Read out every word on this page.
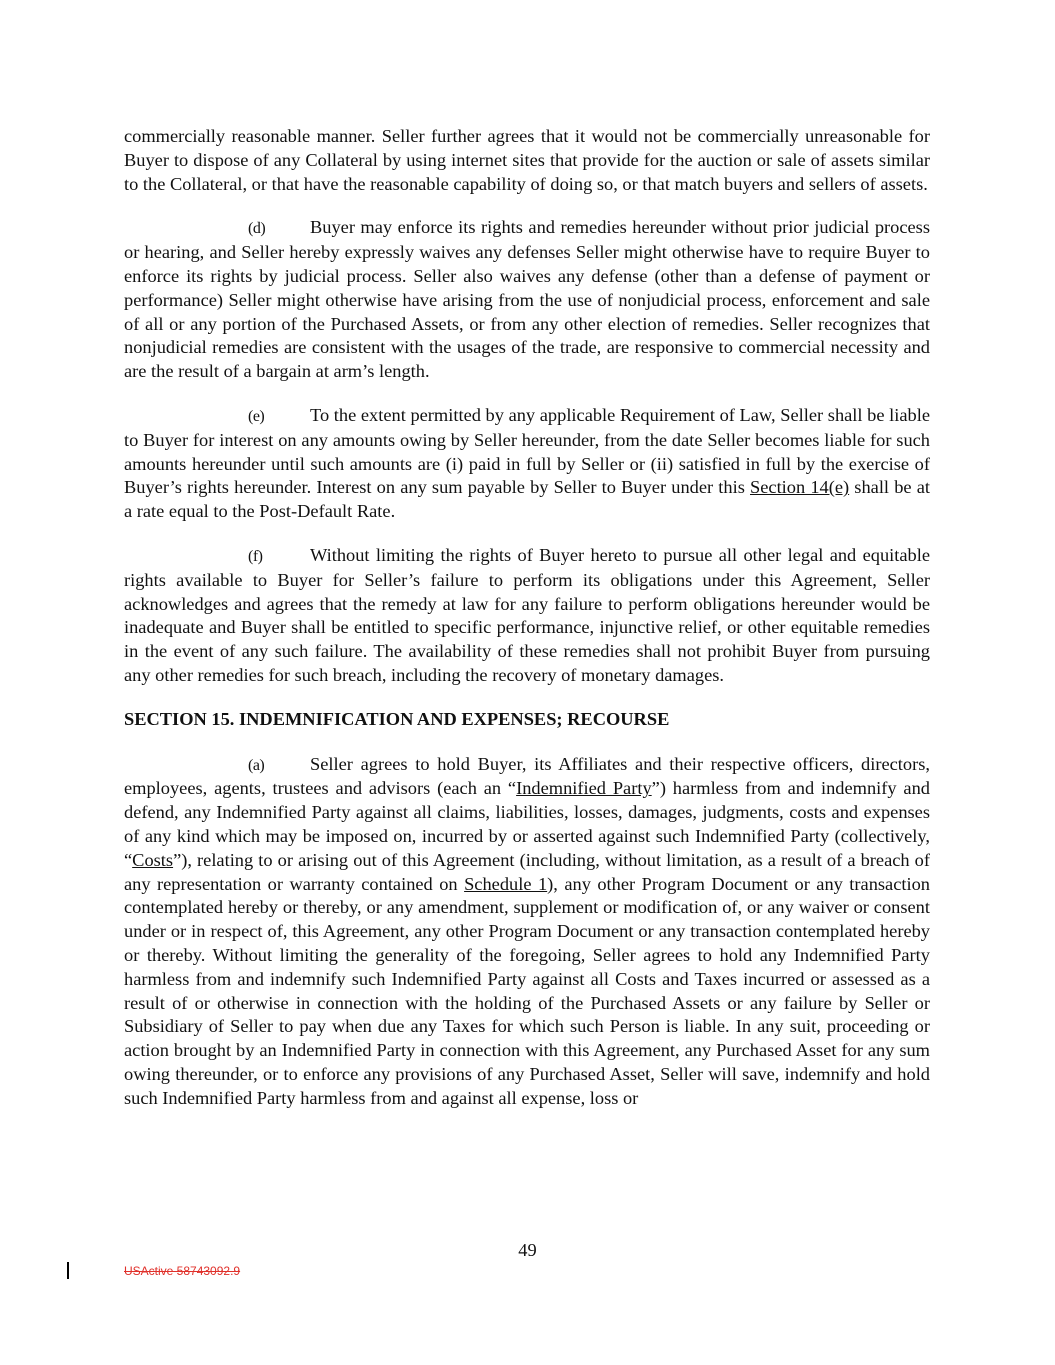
commercially reasonable manner. Seller further agrees that it would not be commercially unreasonable for Buyer to dispose of any Collateral by using internet sites that provide for the auction or sale of assets similar to the Collateral, or that have the reasonable capability of doing so, or that match buyers and sellers of assets.

(d) Buyer may enforce its rights and remedies hereunder without prior judicial process or hearing, and Seller hereby expressly waives any defenses Seller might otherwise have to require Buyer to enforce its rights by judicial process. Seller also waives any defense (other than a defense of payment or performance) Seller might otherwise have arising from the use of nonjudicial process, enforcement and sale of all or any portion of the Purchased Assets, or from any other election of remedies. Seller recognizes that nonjudicial remedies are consistent with the usages of the trade, are responsive to commercial necessity and are the result of a bargain at arm’s length.

(e) To the extent permitted by any applicable Requirement of Law, Seller shall be liable to Buyer for interest on any amounts owing by Seller hereunder, from the date Seller becomes liable for such amounts hereunder until such amounts are (i) paid in full by Seller or (ii) satisfied in full by the exercise of Buyer’s rights hereunder. Interest on any sum payable by Seller to Buyer under this Section 14(e) shall be at a rate equal to the Post-Default Rate.

(f)	Without limiting the rights of Buyer hereto to pursue all other legal and equitable rights available to Buyer for Seller’s failure to perform its obligations under this Agreement, Seller acknowledges and agrees that the remedy at law for any failure to perform obligations hereunder would be inadequate and Buyer shall be entitled to specific performance, injunctive relief, or other equitable remedies in the event of any such failure. The availability of these remedies shall not prohibit Buyer from pursuing any other remedies for such breach, including the recovery of monetary damages.

SECTION 15. INDEMNIFICATION AND EXPENSES; RECOURSE

(a) Seller agrees to hold Buyer, its Affiliates and their respective officers, directors, employees, agents, trustees and advisors (each an “Indemnified Party”) harmless from and indemnify and defend, any Indemnified Party against all claims, liabilities, losses, damages, judgments, costs and expenses of any kind which may be imposed on, incurred by or asserted against such Indemnified Party (collectively, “Costs”), relating to or arising out of this Agreement (including, without limitation, as a result of a breach of any representation or warranty contained on Schedule 1), any other Program Document or any transaction contemplated hereby or thereby, or any amendment, supplement or modification of, or any waiver or consent under or in respect of, this Agreement, any other Program Document or any transaction contemplated hereby or thereby. Without limiting the generality of the foregoing, Seller agrees to hold any Indemnified Party harmless from and indemnify such Indemnified Party against all Costs and Taxes incurred or assessed as a result of or otherwise in connection with the holding of the Purchased Assets or any failure by Seller or Subsidiary of Seller to pay when due any Taxes for which such Person is liable. In any suit, proceeding or action brought by an Indemnified Party in connection with this Agreement, any Purchased Asset for any sum owing thereunder, or to enforce any provisions of any Purchased Asset, Seller will save, indemnify and hold such Indemnified Party harmless from and against all expense, loss or

49
USActive 58743092.9
